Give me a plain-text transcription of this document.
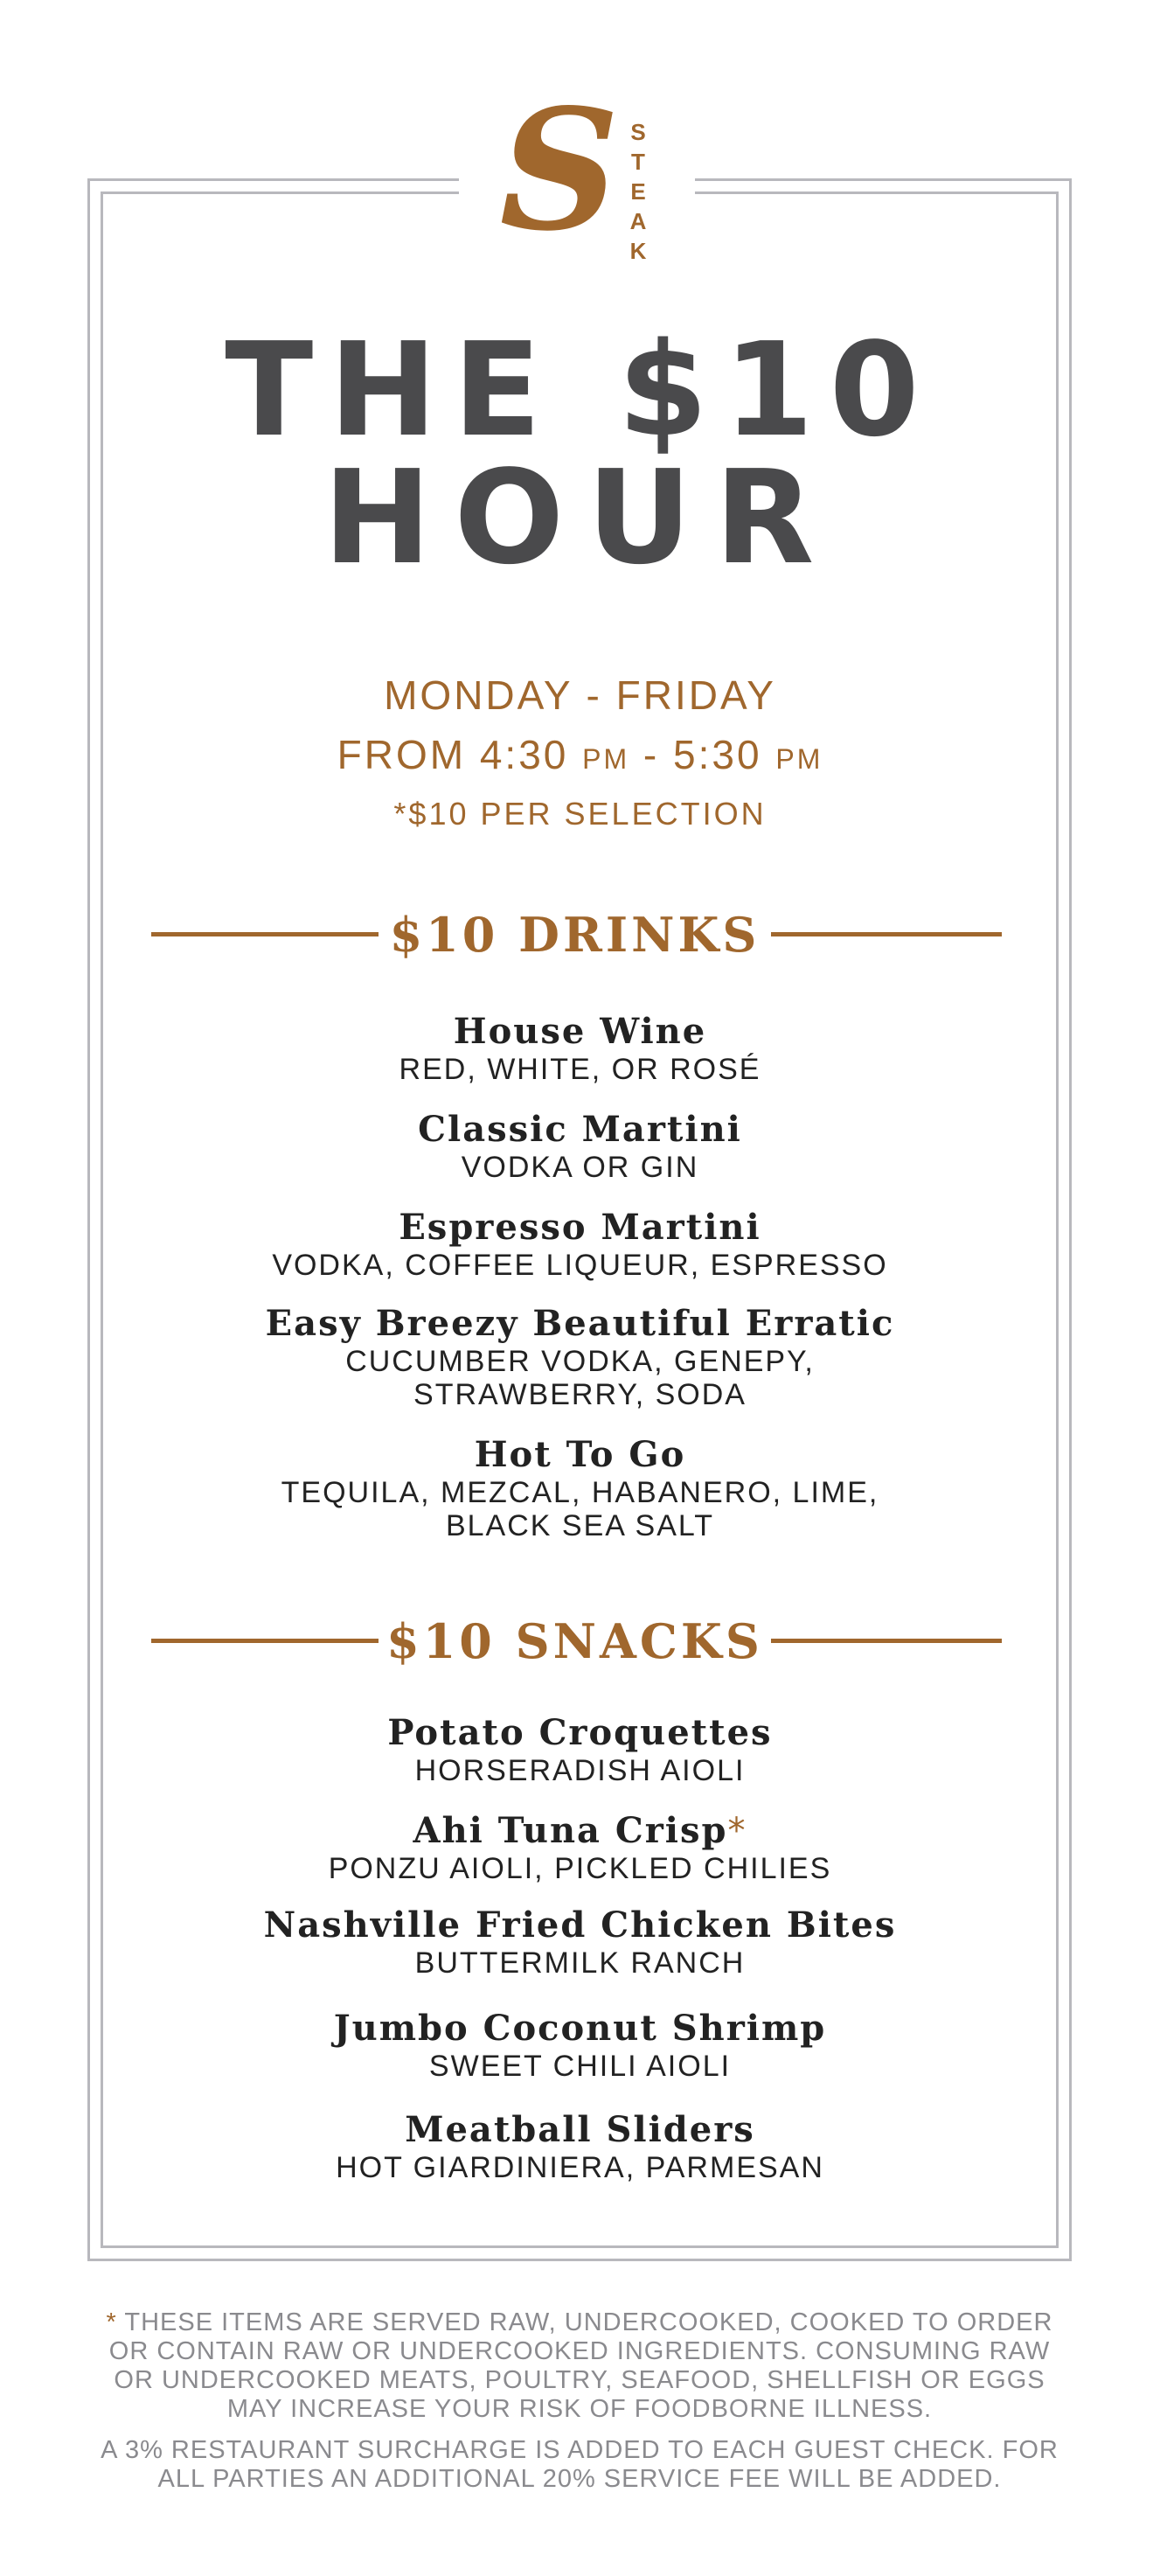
S S
T
E
A
K
THE $10
HOUR
MONDAY - FRIDAY
FROM 4:30 PM - 5:30 PM
*$10 PER SELECTION
$10 DRINKS
House Wine
RED, WHITE, OR ROSÉ
Classic Martini
VODKA OR GIN
Espresso Martini
VODKA, COFFEE LIQUEUR, ESPRESSO
Easy Breezy Beautiful Erratic
CUCUMBER VODKA, GENEPY,
STRAWBERRY, SODA
Hot To Go
TEQUILA, MEZCAL, HABANERO, LIME,
BLACK SEA SALT
$10 SNACKS
Potato Croquettes
HORSERADISH AIOLI
Ahi Tuna Crisp*
PONZU AIOLI, PICKLED CHILIES
Nashville Fried Chicken Bites
BUTTERMILK RANCH
Jumbo Coconut Shrimp
SWEET CHILI AIOLI
Meatball Sliders
HOT GIARDINIERA, PARMESAN
* THESE ITEMS ARE SERVED RAW, UNDERCOOKED, COOKED TO ORDER
OR CONTAIN RAW OR UNDERCOOKED INGREDIENTS. CONSUMING RAW
OR UNDERCOOKED MEATS, POULTRY, SEAFOOD, SHELLFISH OR EGGS
MAY INCREASE YOUR RISK OF FOODBORNE ILLNESS.
A 3% RESTAURANT SURCHARGE IS ADDED TO EACH GUEST CHECK. FOR
ALL PARTIES AN ADDITIONAL 20% SERVICE FEE WILL BE ADDED.
